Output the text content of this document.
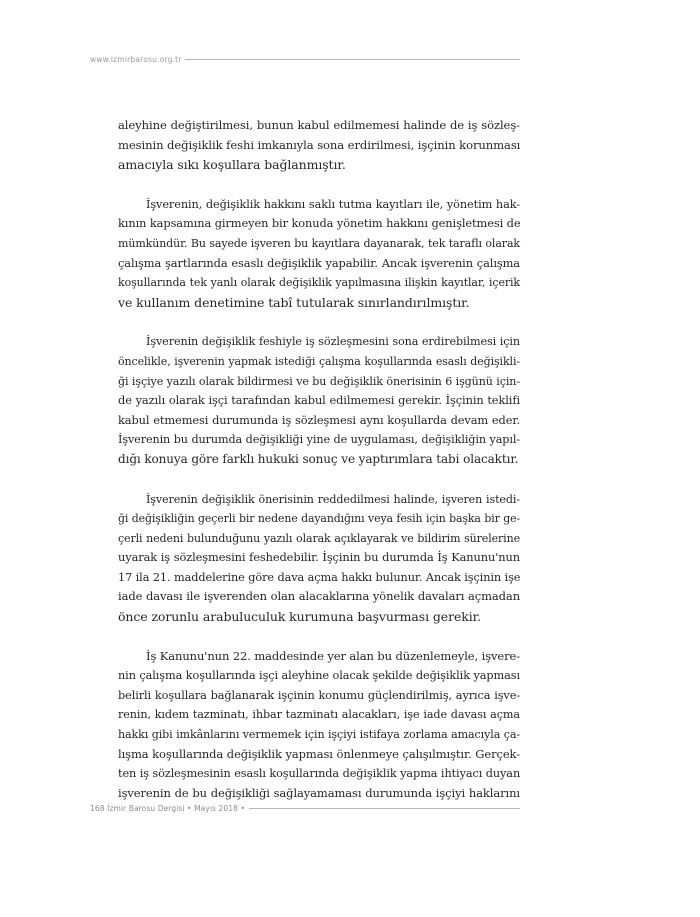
www.izmirbarosu.org.tr

aleyhine değiştirilmesi, bunun kabul edilmemesi halinde de iş sözleş-
mesinin değişiklik feshi imkanıyla sona erdirilmesi, işçinin korunması
amacıyla sıkı koşullara bağlanmıştır.

İşverenin, değişiklik hakkını saklı tutma kayıtları ile, yönetim hak-
kının kapsamına girmeyen bir konuda yönetim hakkını genişletmesi de
mümkündür. Bu sayede işveren bu kayıtlara dayanarak, tek taraflı olarak
çalışma şartlarında esaslı değişiklik yapabilir. Ancak işverenin çalışma
koşullarında tek yanlı olarak değişiklik yapılmasına ilişkin kayıtlar, içerik
ve kullanım denetimine tabî tutularak sınırlandırılmıştır.

İşverenin değişiklik feshiyle iş sözleşmesini sona erdirebilmesi için
öncelikle, işverenin yapmak istediği çalışma koşullarında esaslı değişikli-
ği işçiye yazılı olarak bildirmesi ve bu değişiklik önerisinin 6 işgünü için-
de yazılı olarak işçi tarafından kabul edilmemesi gerekir. İşçinin teklifi
kabul etmemesi durumunda iş sözleşmesi aynı koşullarda devam eder.
İşverenin bu durumda değişikliği yine de uygulaması, değişikliğin yapıl-
dığı konuya göre farklı hukuki sonuç ve yaptırımlara tabi olacaktır.

İşverenin değişiklik önerisinin reddedilmesi halinde, işveren istedi-
ği değişikliğin geçerli bir nedene dayandığını veya fesih için başka bir ge-
çerli nedeni bulunduğunu yazılı olarak açıklayarak ve bildirim sürelerine
uyarak iş sözleşmesini feshedebilir. İşçinin bu durumda İş Kanunu'nun
17 ila 21. maddelerine göre dava açma hakkı bulunur. Ancak işçinin işe
iade davası ile işverenden olan alacaklarına yönelik davaları açmadan
önce zorunlu arabuluculuk kurumuna başvurması gerekir.

İş Kanunu'nun 22. maddesinde yer alan bu düzenlemeyle, işvere-
nin çalışma koşullarında işçi aleyhine olacak şekilde değişiklik yapması
belirli koşullara bağlanarak işçinin konumu güçlendirilmiş, ayrıca işve-
renin, kıdem tazminatı, ihbar tazminatı alacakları, işe iade davası açma
hakkı gibi imkânlarını vermemek için işçiyi istifaya zorlama amacıyla ça-
lışma koşullarında değişiklik yapması önlenmeye çalışılmıştır. Gerçek-
ten iş sözleşmesinin esaslı koşullarında değişiklik yapma ihtiyacı duyan
işverenin de bu değişikliği sağlayamaması durumunda işçiyi haklarını

168 İzmir Barosu Dergisi • Mayıs 2018 •
